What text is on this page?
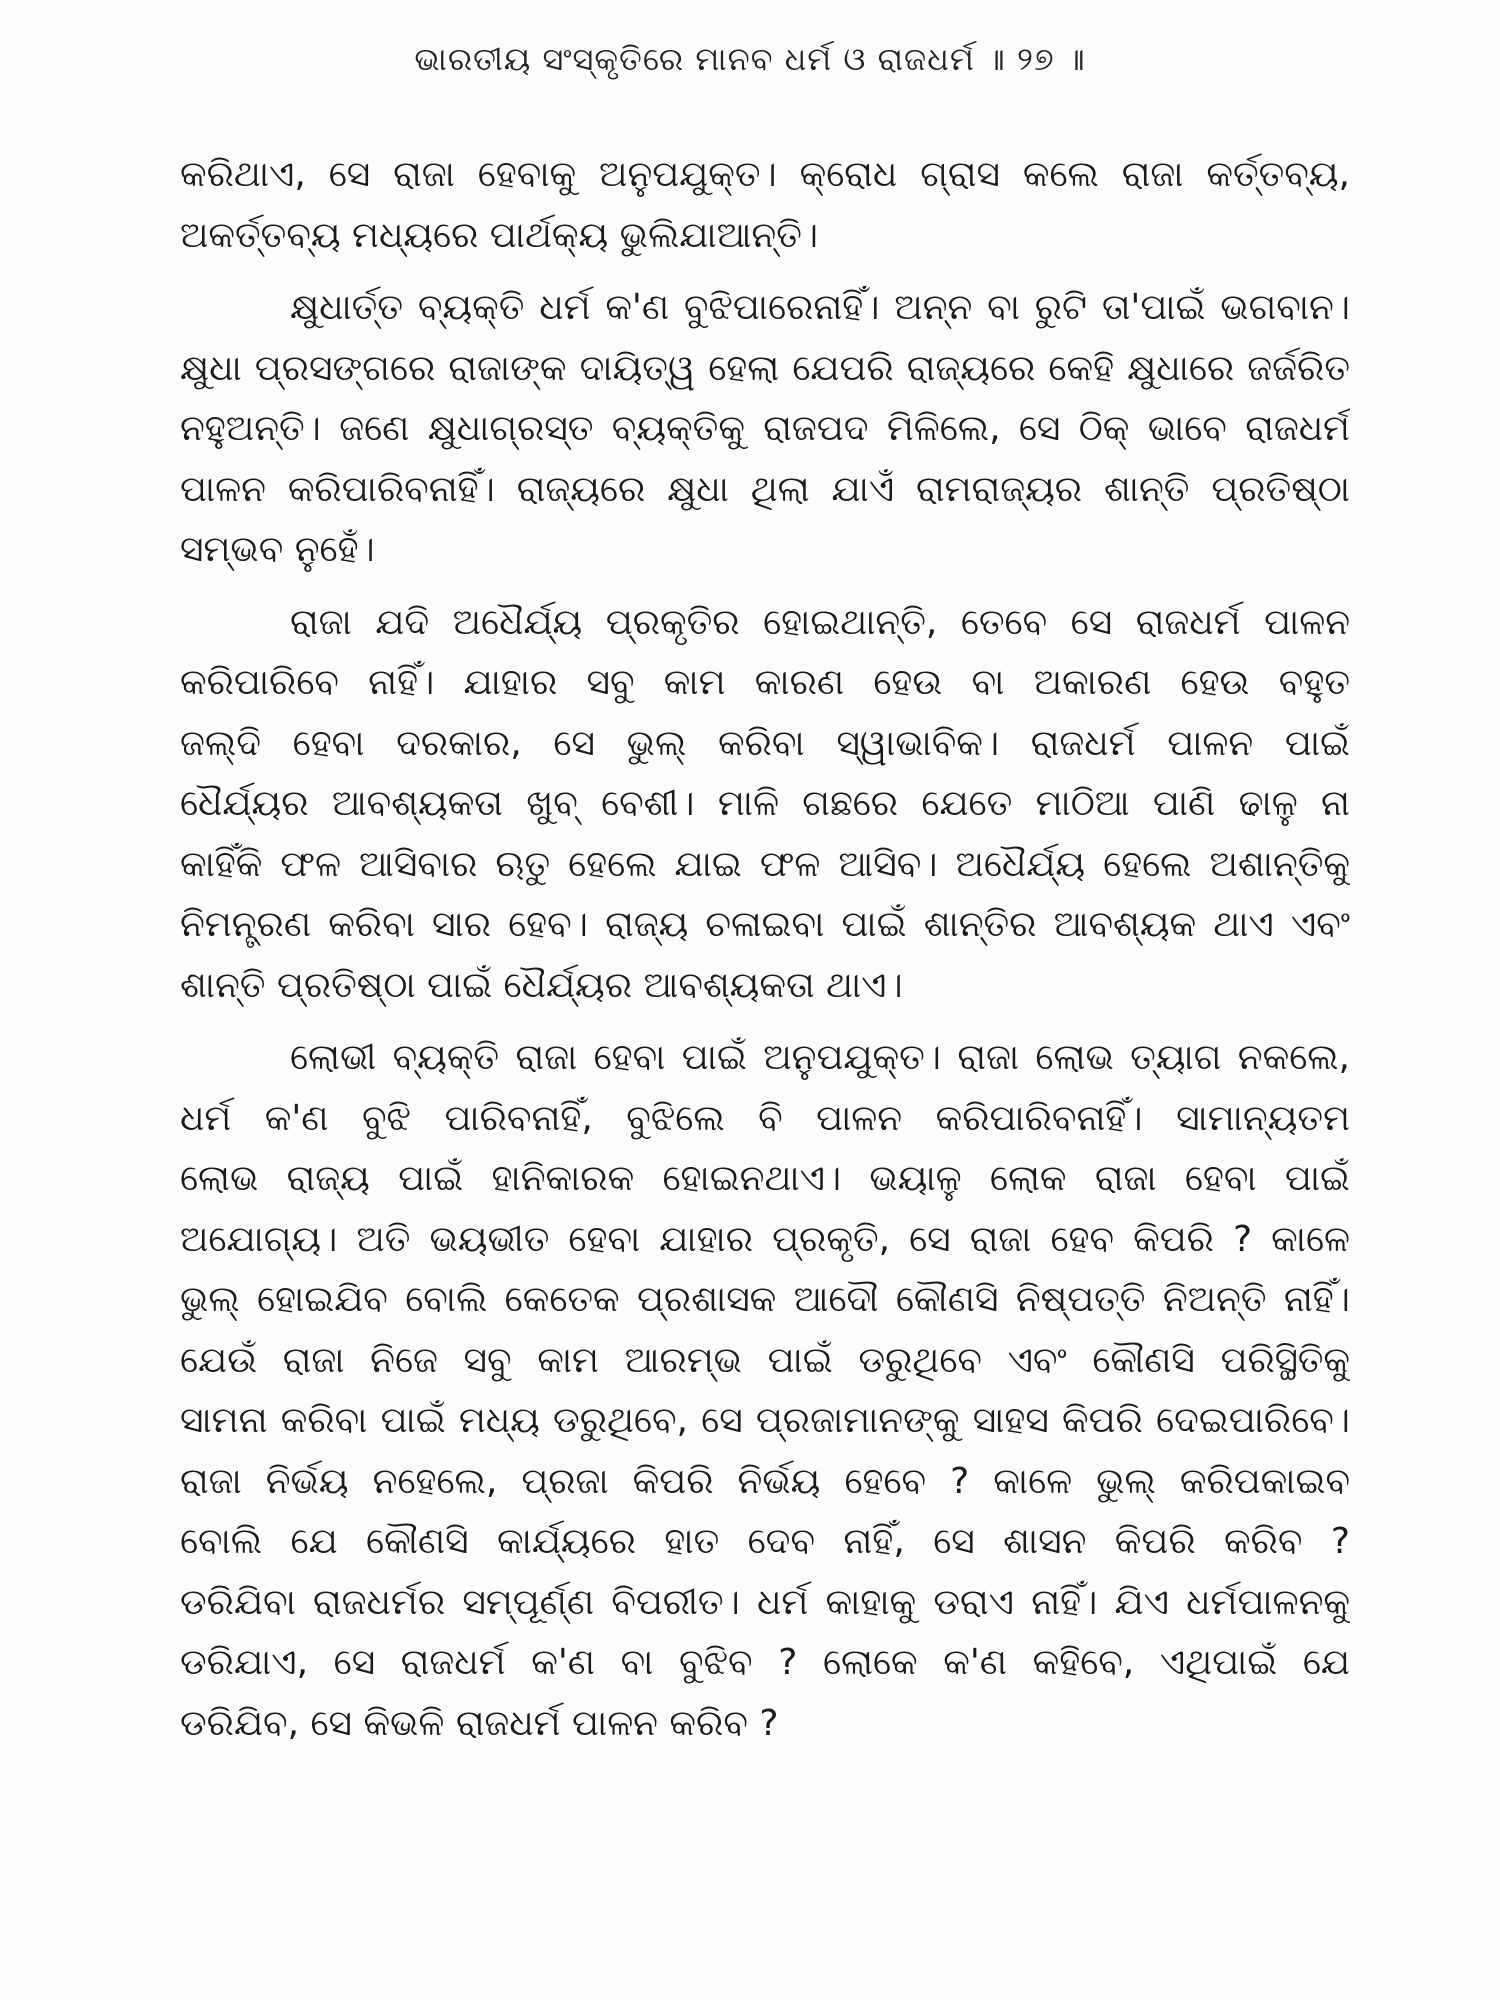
ଭାରତୀୟ ସଂସ୍କୃତିରେ ମାନବ ଧର୍ମ ଓ ରାଜଧର୍ମ ॥ ୨୭ ॥
କରିଥାଏ, ସେ ରାଜା ହେବାକୁ ଅନୁପଯୁକ୍ତ। କ୍ରୋଧ ଗ୍ରାସ କଲେ ରାଜା କର୍ତ୍ତବ୍ୟ,
ଅକର୍ତ୍ତବ୍ୟ ମଧ୍ୟରେ ପାର୍ଥକ୍ୟ ଭୁଲିଯାଆନ୍ତି।
କ୍ଷୁଧାର୍ତ୍ତ ବ୍ୟକ୍ତି ଧର୍ମ କ'ଣ ବୁଝିପାରେନାହିଁ। ଅନ୍ନ ବା ରୁଟି ତା'ପାଇଁ ଭଗବାନ।
କ୍ଷୁଧା ପ୍ରସଙ୍ଗରେ ରାଜାଙ୍କ ଦାୟିତ୍ୱ ହେଲା ଯେପରି ରାଜ୍ୟରେ କେହି କ୍ଷୁଧାରେ ଜର୍ଜରିତ
ନହୁଅନ୍ତି। ଜଣେ କ୍ଷୁଧାଗ୍ରସ୍ତ ବ୍ୟକ୍ତିକୁ ରାଜପଦ ମିଳିଲେ, ସେ ଠିକ୍ ଭାବେ ରାଜଧର୍ମ
ପାଳନ କରିପାରିବନାହିଁ। ରାଜ୍ୟରେ କ୍ଷୁଧା ଥିଲା ଯାଏଁ ରାମରାଜ୍ୟର ଶାନ୍ତି ପ୍ରତିଷ୍ଠା
ସମ୍ଭବ ନୁହେଁ।
ରାଜା ଯଦି ଅଧୈର୍ଯ୍ୟ ପ୍ରକୃତିର ହୋଇଥାନ୍ତି, ତେବେ ସେ ରାଜଧର୍ମ ପାଳନ
କରିପାରିବେ ନାହିଁ। ଯାହାର ସବୁ କାମ କାରଣ ହେଉ ବା ଅକାରଣ ହେଉ ବହୁତ
ଜଲ୍‌ଦି ହେବା ଦରକାର, ସେ ଭୁଲ୍ କରିବା ସ୍ୱାଭାବିକ। ରାଜଧର୍ମ ପାଳନ ପାଇଁ
ଧୈର୍ଯ୍ୟର ଆବଶ୍ୟକତା ଖୁବ୍ ବେଶୀ। ମାଳି ଗଛରେ ଯେତେ ମାଠିଆ ପାଣି ଢାଳୁ ନା
କାହିଁକି ଫଳ ଆସିବାର ଋତୁ ହେଲେ ଯାଇ ଫଳ ଆସିବ। ଅଧୈର୍ଯ୍ୟ ହେଲେ ଅଶାନ୍ତିକୁ
ନିମନ୍ତ୍ରଣ କରିବା ସାର ହେବ। ରାଜ୍ୟ ଚଳାଇବା ପାଇଁ ଶାନ୍ତିର ଆବଶ୍ୟକ ଥାଏ ଏବଂ
ଶାନ୍ତି ପ୍ରତିଷ୍ଠା ପାଇଁ ଧୈର୍ଯ୍ୟର ଆବଶ୍ୟକତା ଥାଏ।
ଲୋଭୀ ବ୍ୟକ୍ତି ରାଜା ହେବା ପାଇଁ ଅନୁପଯୁକ୍ତ। ରାଜା ଲୋଭ ତ୍ୟାଗ ନକଲେ,
ଧର୍ମ କ'ଣ ବୁଝି ପାରିବନାହିଁ, ବୁଝିଲେ ବି ପାଳନ କରିପାରିବନାହିଁ। ସାମାନ୍ୟତମ
ଲୋଭ ରାଜ୍ୟ ପାଇଁ ହାନିକାରକ ହୋଇନଥାଏ। ଭୟାଳୁ ଲୋକ ରାଜା ହେବା ପାଇଁ
ଅଯୋଗ୍ୟ। ଅତି ଭୟଭୀତ ହେବା ଯାହାର ପ୍ରକୃତି, ସେ ରାଜା ହେବ କିପରି ? କାଳେ
ଭୁଲ୍ ହୋଇଯିବ ବୋଲି କେତେକ ପ୍ରଶାସକ ଆଦୌ କୌଣସି ନିଷ୍ପତ୍ତି ନିଅନ୍ତି ନାହିଁ।
ଯେଉଁ ରାଜା ନିଜେ ସବୁ କାମ ଆରମ୍ଭ ପାଇଁ ଡରୁଥିବେ ଏବଂ କୌଣସି ପରିସ୍ଥିତିକୁ
ସାମନା କରିବା ପାଇଁ ମଧ୍ୟ ଡରୁଥିବେ, ସେ ପ୍ରଜାମାନଙ୍କୁ ସାହସ କିପରି ଦେଇପାରିବେ।
ରାଜା ନିର୍ଭୟ ନହେଲେ, ପ୍ରଜା କିପରି ନିର୍ଭୟ ହେବେ ? କାଳେ ଭୁଲ୍ କରିପକାଇବ
ବୋଲି ଯେ କୌଣସି କାର୍ଯ୍ୟରେ ହାତ ଦେବ ନାହିଁ, ସେ ଶାସନ କିପରି କରିବ ?
ଡରିଯିବା ରାଜଧର୍ମର ସମ୍ପୂର୍ଣ୍ଣ ବିପରୀତ। ଧର୍ମ କାହାକୁ ଡରାଏ ନାହିଁ। ଯିଏ ଧର୍ମପାଳନକୁ
ଡରିଯାଏ, ସେ ରାଜଧର୍ମ କ'ଣ ବା ବୁଝିବ ? ଲୋକେ କ'ଣ କହିବେ, ଏଥିପାଇଁ ଯେ
ଡରିଯିବ, ସେ କିଭଳି ରାଜଧର୍ମ ପାଳନ କରିବ ?
